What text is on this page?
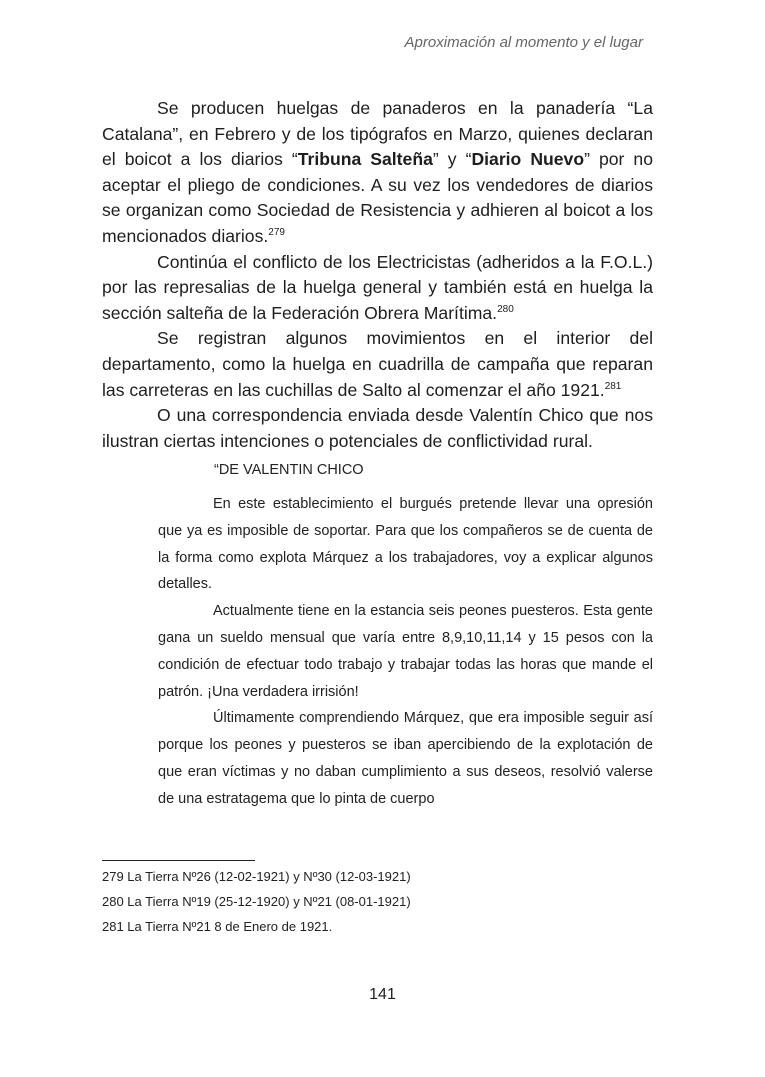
Aproximación al momento y el lugar

Se producen huelgas de panaderos en la panadería “La Catalana”, en Febrero y de los tipógrafos en Marzo, quienes declaran el boicot a los diarios “Tribuna Salteña” y “Diario Nuevo” por no aceptar el pliego de condiciones. A su vez los vendedores de diarios se organizan como Sociedad de Resistencia y adhieren al boicot a los mencionados diarios.$^{279}$

Continúa el conflicto de los Electricistas (adheridos a la F.O.L.) por las represalias de la huelga general y también está en huelga la sección salteña de la Federación Obrera Marítima.$^{280}$

Se registran algunos movimientos en el interior del departamento, como la huelga en cuadrilla de campaña que reparan las carreteras en las cuchillas de Salto al comenzar el año 1921.$^{281}$

O una correspondencia enviada desde Valentín Chico que nos ilustran ciertas intenciones o potenciales de conflictividad rural.

“DE VALENTIN CHICO

En este establecimiento el burgués pretende llevar una opresión que ya es imposible de soportar. Para que los compañeros se de cuenta de la forma como explota Márquez a los trabajadores, voy a explicar algunos detalles.

Actualmente tiene en la estancia seis peones puesteros. Esta gente gana un sueldo mensual que varía entre 8,9,10,11,14 y 15 pesos con la condición de efectuar todo trabajo y trabajar todas las horas que mande el patrón. ¡Una verdadera irrisión!

Últimamente comprendiendo Márquez, que era imposible seguir así porque los peones y puesteros se iban apercibiendo de la explotación de que eran víctimas y no daban cumplimiento a sus deseos, resolvió valerse de una estratagema que lo pinta de cuerpo

279 La Tierra Nº26 (12-02-1921) y Nº30 (12-03-1921)
280 La Tierra Nº19 (25-12-1920) y Nº21 (08-01-1921)
281 La Tierra Nº21 8 de Enero de 1921.
141
